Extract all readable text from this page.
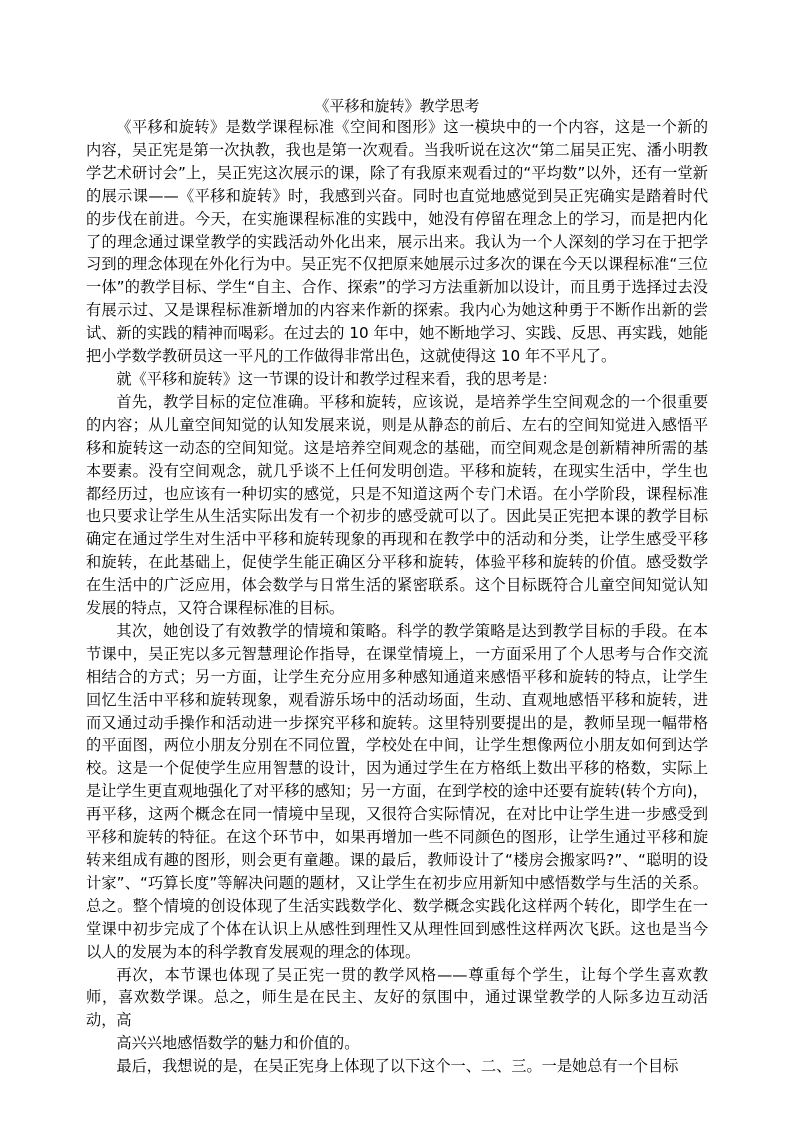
《平移和旋转》教学思考

《平移和旋转》是数学课程标准《空间和图形》这一模块中的一个内容，这是一个新的内容，吴正宪是第一次执教，我也是第一次观看。当我听说在这次“第二届吴正宪、潘小明教学艺术研讨会”上，吴正宪这次展示的课，除了有我原来观看过的“平均数”以外，还有一堂新的展示课——《平移和旋转》时，我感到兴奋。同时也直觉地感觉到吴正宪确实是踏着时代的步伐在前进。今天，在实施课程标准的实践中，她没有停留在理念上的学习，而是把内化了的理念通过课堂教学的实践活动外化出来，展示出来。我认为一个人深刻的学习在于把学习到的理念体现在外化行为中。吴正宪不仅把原来她展示过多次的课在今天以课程标准“三位一体”的教学目标、学生“自主、合作、探索”的学习方法重新加以设计，而且勇于选择过去没有展示过、又是课程标准新增加的内容来作新的探索。我内心为她这种勇于不断作出新的尝试、新的实践的精神而喝彩。在过去的 10 年中，她不断地学习、实践、反思、再实践，她能把小学数学教研员这一平凡的工作做得非常出色，这就使得这 10 年不平凡了。

就《平移和旋转》这一节课的设计和教学过程来看，我的思考是：

首先，教学目标的定位准确。平移和旋转，应该说，是培养学生空间观念的一个很重要的内容；从儿童空间知觉的认知发展来说，则是从静态的前后、左右的空间知觉进入感悟平移和旋转这一动态的空间知觉。这是培养空间观念的基础，而空间观念是创新精神所需的基本要素。没有空间观念，就几乎谈不上任何发明创造。平移和旋转，在现实生活中，学生也都经历过，也应该有一种切实的感觉，只是不知道这两个专门术语。在小学阶段，课程标准也只要求让学生从生活实际出发有一个初步的感受就可以了。因此吴正宪把本课的教学目标确定在通过学生对生活中平移和旋转现象的再现和在教学中的活动和分类，让学生感受平移和旋转，在此基础上，促使学生能正确区分平移和旋转，体验平移和旋转的价值。感受数学在生活中的广泛应用，体会数学与日常生活的紧密联系。这个目标既符合儿童空间知觉认知发展的特点，又符合课程标准的目标。

其次，她创设了有效教学的情境和策略。科学的教学策略是达到教学目标的手段。在本节课中，吴正宪以多元智慧理论作指导，在课堂情境上，一方面采用了个人思考与合作交流相结合的方式；另一方面，让学生充分应用多种感知通道来感悟平移和旋转的特点，让学生回忆生活中平移和旋转现象，观看游乐场中的活动场面，生动、直观地感悟平移和旋转，进而又通过动手操作和活动进一步探究平移和旋转。这里特别要提出的是，教师呈现一幅带格的平面图，两位小朋友分别在不同位置，学校处在中间，让学生想像两位小朋友如何到达学校。这是一个促使学生应用智慧的设计，因为通过学生在方格纸上数出平移的格数，实际上是让学生更直观地强化了对平移的感知；另一方面，在到学校的途中还要有旋转(转个方向)，再平移，这两个概念在同一情境中呈现，又很符合实际情况，在对比中让学生进一步感受到平移和旋转的特征。在这个环节中，如果再增加一些不同颜色的图形，让学生通过平移和旋转来组成有趣的图形，则会更有童趣。课的最后，教师设计了“楼房会搬家吗?”、“聪明的设计家”、“巧算长度”等解决问题的题材，又让学生在初步应用新知中感悟数学与生活的关系。总之。整个情境的创设体现了生活实践数学化、数学概念实践化这样两个转化，即学生在一堂课中初步完成了个体在认识上从感性到理性又从理性回到感性这样两次飞跃。这也是当今以人的发展为本的科学教育发展观的理念的体现。

再次，本节课也体现了吴正宪一贯的教学风格——尊重每个学生，让每个学生喜欢教师，喜欢数学课。总之，师生是在民主、友好的氛围中，通过课堂教学的人际多边互动活动，高

高兴兴地感悟数学的魅力和价值的。

最后，我想说的是，在吴正宪身上体现了以下这个一、二、三。一是她总有一个目标
